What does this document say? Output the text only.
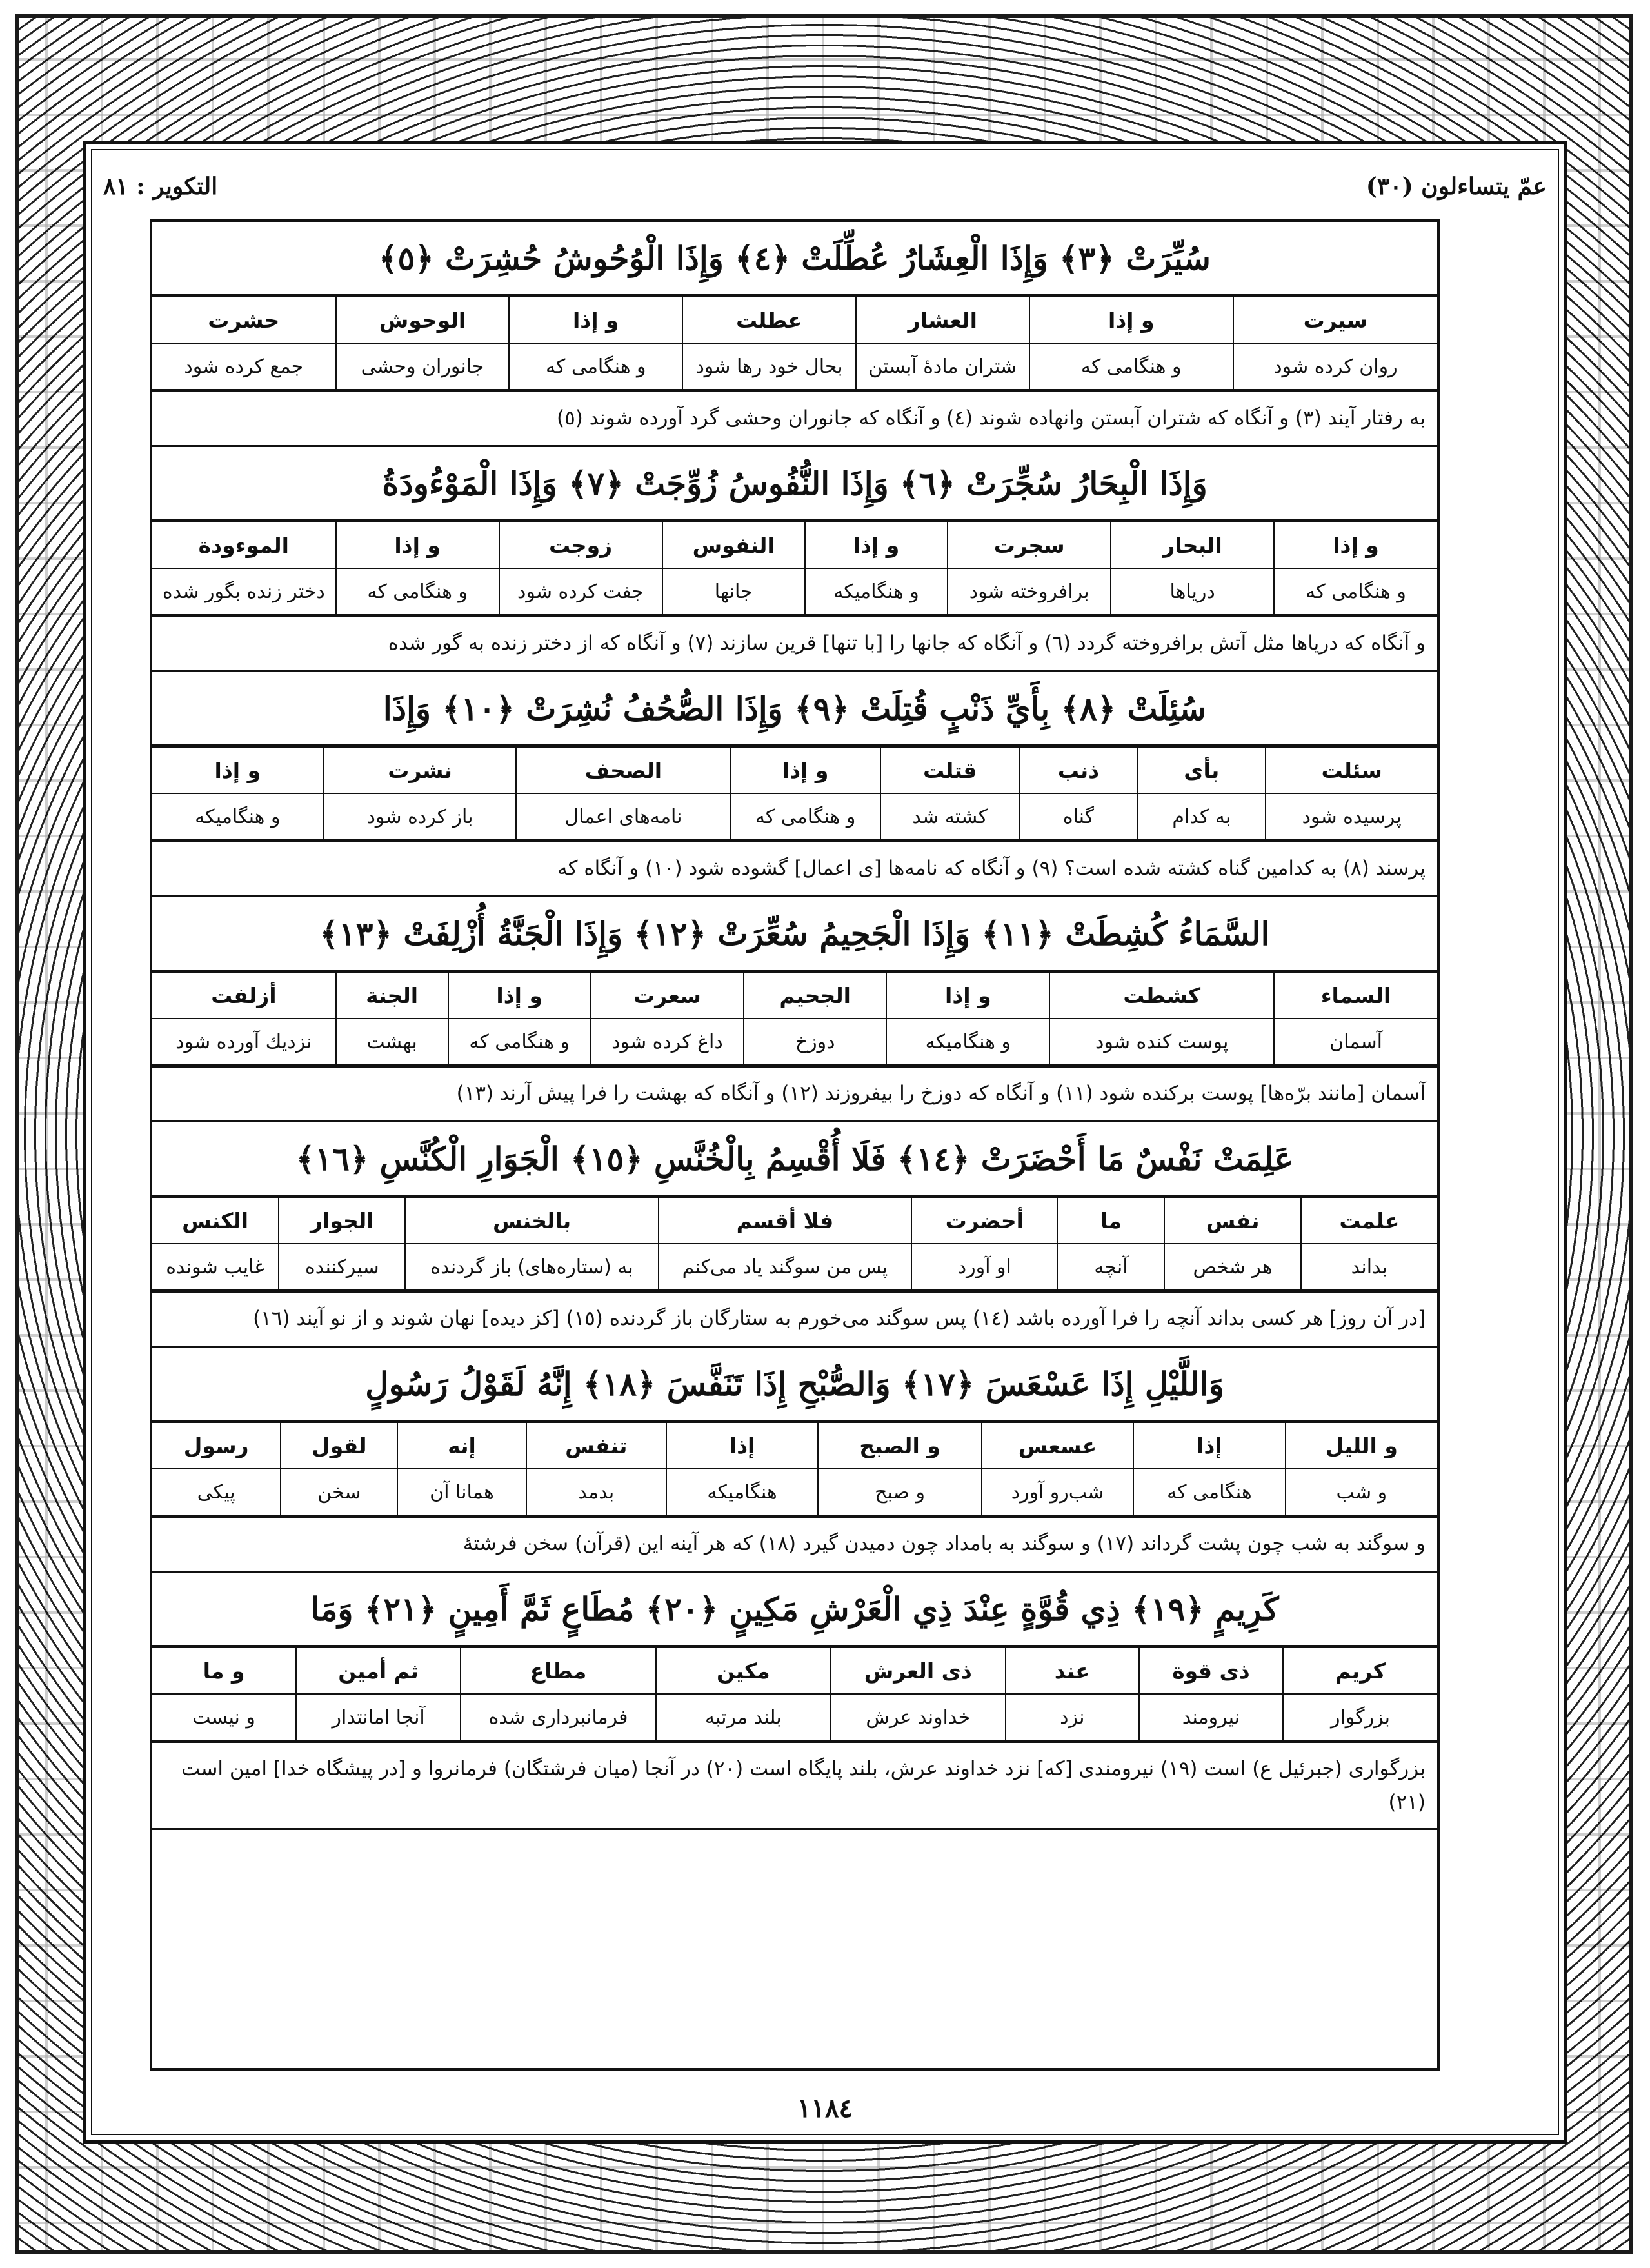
عمّ يتساءلون (٣٠)
التكوير : ٨١
سُيِّرَتْ ﴿٣﴾ وَإِذَا الْعِشَارُ عُطِّلَتْ ﴿٤﴾ وَإِذَا الْوُحُوشُ حُشِرَتْ ﴿٥﴾
سيرت	و إذا	العشار	عطلت	و إذا	الوحوش	حشرت
روان كرده شود	و هنگامى كه	شتران مادۀ آبستن	بحال خود رها شود	و هنگامى كه	جانوران وحشى	جمع كرده شود
به رفتار آيند (٣) و آنگاه كه شتران آبستن وانهاده شوند (٤) و آنگاه كه جانوران وحشى گرد آورده شوند (٥)
وَإِذَا الْبِحَارُ سُجِّرَتْ ﴿٦﴾ وَإِذَا النُّفُوسُ زُوِّجَتْ ﴿٧﴾ وَإِذَا الْمَوْءُودَةُ
و إذا	البحار	سجرت	و إذا	النفوس	زوجت	و إذا	الموءودة
و هنگامى كه	درياها	برافروخته شود	و هنگاميكه	جانها	جفت كرده شود	و هنگامى كه	دختر زنده بگور شده
و آنگاه كه درياها مثل آتش برافروخته گردد (٦) و آنگاه كه جانها را [با تنها] قرين سازند (٧) و آنگاه كه از دختر زنده به گور شده
سُئِلَتْ ﴿٨﴾ بِأَيِّ ذَنْبٍ قُتِلَتْ ﴿٩﴾ وَإِذَا الصُّحُفُ نُشِرَتْ ﴿١٠﴾ وَإِذَا
سئلت	بأى	ذنب	قتلت	و إذا	الصحف	نشرت	و إذا
پرسيده شود	به كدام	گناه	كشته شد	و هنگامى كه	نامه‌هاى اعمال	باز كرده شود	و هنگاميكه
پرسند (٨) به كدامين گناه كشته شده است؟ (٩) و آنگاه كه نامه‌ها [ى اعمال] گشوده شود (١٠) و آنگاه كه
السَّمَاءُ كُشِطَتْ ﴿١١﴾ وَإِذَا الْجَحِيمُ سُعِّرَتْ ﴿١٢﴾ وَإِذَا الْجَنَّةُ أُزْلِفَتْ ﴿١٣﴾
السماء	كشطت	و إذا	الجحيم	سعرت	و إذا	الجنة	أزلفت
آسمان	پوست كنده شود	و هنگاميكه	دوزخ	داغ كرده شود	و هنگامى كه	بهشت	نزديك آورده شود
آسمان [مانند برّه‌ها] پوست بركنده شود (١١) و آنگاه كه دوزخ را بيفروزند (١٢) و آنگاه كه بهشت را فرا پيش آرند (١٣)
عَلِمَتْ نَفْسٌ مَا أَحْضَرَتْ ﴿١٤﴾ فَلَا أُقْسِمُ بِالْخُنَّسِ ﴿١٥﴾ الْجَوَارِ الْكُنَّسِ ﴿١٦﴾
علمت	نفس	ما	أحضرت	فلا أقسم	بالخنس	الجوار	الكنس
بداند	هر شخص	آنچه	او آورد	پس من سوگند ياد مى‌كنم	به (ستاره‌هاى) باز گردنده	سيركننده	غايب شونده
[در آن روز] هر كسى بداند آنچه را فرا آورده باشد (١٤) پس سوگند مى‌خورم به ستارگان باز گردنده (١٥) [كز ديده] نهان شوند و از نو آيند (١٦)
وَاللَّيْلِ إِذَا عَسْعَسَ ﴿١٧﴾ وَالصُّبْحِ إِذَا تَنَفَّسَ ﴿١٨﴾ إِنَّهُ لَقَوْلُ رَسُولٍ
و الليل	إذا	عسعس	و الصبح	إذا	تنفس	إنه	لقول	رسول
و شب	هنگامى كه	شب‌رو آورد	و صبح	هنگاميكه	بدمد	همانا آن	سخن	پيكى
و سوگند به شب چون پشت گرداند (١٧) و سوگند به بامداد چون دميدن گيرد (١٨) كه هر آينه اين (قرآن) سخن فرشتۀ
كَرِيمٍ ﴿١٩﴾ ذِي قُوَّةٍ عِنْدَ ذِي الْعَرْشِ مَكِينٍ ﴿٢٠﴾ مُطَاعٍ ثَمَّ أَمِينٍ ﴿٢١﴾ وَمَا
كريم	ذى قوة	عند	ذى العرش	مكين	مطاع	ثم أمين	و ما
بزرگوار	نيرومند	نزد	خداوند عرش	بلند مرتبه	فرمانبردارى شده	آنجا امانتدار	و نيست
بزرگوارى (جبرئيل ع) است (١٩) نيرومندى [كه] نزد خداوند عرش، بلند پايگاه است (٢٠) در آنجا (ميان فرشتگان) فرمانروا و [در پيشگاه خدا] امين است (٢١)
١١٨٤
